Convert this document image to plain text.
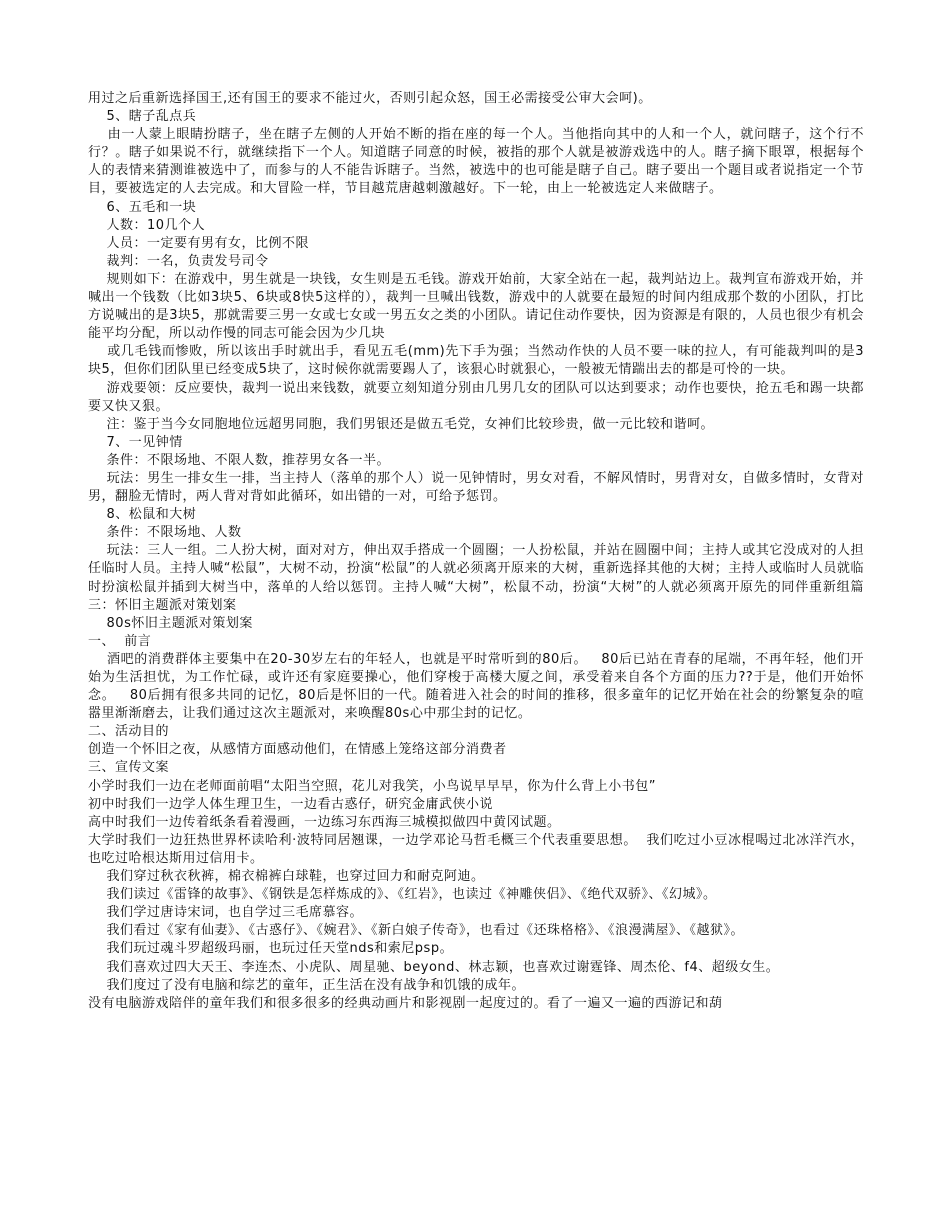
用过之后重新选择国王,还有国王的要求不能过火，否则引起众怒，国王必需接受公审大会呵)。

5、瞎子乱点兵

由一人蒙上眼睛扮瞎子，坐在瞎子左侧的人开始不断的指在座的每一个人。当他指向其中的人和一个人，就问瞎子，这个行不行？。瞎子如果说不行，就继续指下一个人。知道瞎子同意的时候，被指的那个人就是被游戏选中的人。瞎子摘下眼罩，根据每个人的表情来猜测谁被选中了，而参与的人不能告诉瞎子。当然，被选中的也可能是瞎子自己。瞎子要出一个题目或者说指定一个节目，要被选定的人去完成。和大冒险一样，节目越荒唐越刺激越好。下一轮，由上一轮被选定人来做瞎子。

6、五毛和一块

人数：10几个人

人员：一定要有男有女，比例不限

裁判：一名，负责发号司令

规则如下：在游戏中，男生就是一块钱，女生则是五毛钱。游戏开始前，大家全站在一起，裁判站边上。裁判宣布游戏开始，并喊出一个钱数（比如3块5、6块或8快5这样的），裁判一旦喊出钱数，游戏中的人就要在最短的时间内组成那个数的小团队，打比方说喊出的是3块5，那就需要三男一女或七女或一男五女之类的小团队。请记住动作要快，因为资源是有限的，人员也很少有机会能平均分配，所以动作慢的同志可能会因为少几块

或几毛钱而惨败，所以该出手时就出手，看见五毛(mm)先下手为强；当然动作快的人员不要一味的拉人，有可能裁判叫的是3块5，但你们团队里已经变成5块了，这时候你就需要踢人了，该狠心时就狠心，一般被无情踹出去的都是可怜的一块。

游戏要领：反应要快，裁判一说出来钱数，就要立刻知道分别由几男几女的团队可以达到要求；动作也要快，抢五毛和踢一块都要又快又狠。

注：鉴于当今女同胞地位远超男同胞，我们男银还是做五毛党，女神们比较珍贵，做一元比较和谐呵。

7、一见钟情

条件：不限场地、不限人数，推荐男女各一半。

玩法：男生一排女生一排，当主持人（落单的那个人）说一见钟情时，男女对看，不解风情时，男背对女，自做多情时，女背对男，翻脸无情时，两人背对背如此循环，如出错的一对，可给予惩罚。

8、松鼠和大树

条件：不限场地、人数

玩法：三人一组。二人扮大树，面对对方，伸出双手搭成一个圆圈；一人扮松鼠，并站在圆圈中间；主持人或其它没成对的人担任临时人员。主持人喊“松鼠”，大树不动，扮演“松鼠”的人就必须离开原来的大树，重新选择其他的大树；主持人或临时人员就临时扮演松鼠并插到大树当中，落单的人给以惩罚。主持人喊“大树”，松鼠不动，扮演“大树”的人就必须离开原先的同伴重新组篇三：怀旧主题派对策划案

80s怀旧主题派对策划案

一、  前言

酒吧的消费群体主要集中在20-30岁左右的年轻人，也就是平时常听到的80后。   80后已站在青春的尾端，不再年轻，他们开始为生活担忧，为工作忙碌，或许还有家庭要操心，他们穿梭于高楼大厦之间，承受着来自各个方面的压力??于是，他们开始怀念。   80后拥有很多共同的记忆，80后是怀旧的一代。随着进入社会的时间的推移，很多童年的记忆开始在社会的纷繁复杂的喧嚣里渐渐磨去，让我们通过这次主题派对，来唤醒80s心中那尘封的记忆。

二、活动目的

创造一个怀旧之夜，从感情方面感动他们，在情感上笼络这部分消费者

三、宣传文案

小学时我们一边在老师面前唱“太阳当空照，花儿对我笑，小鸟说早早早，你为什么背上小书包”

初中时我们一边学人体生理卫生，一边看古惑仔，研究金庸武侠小说

高中时我们一边传着纸条看着漫画，一边练习东西海三城模拟做四中黄冈试题。

大学时我们一边狂热世界杯读哈利·波特同居翘课，一边学邓论马哲毛概三个代表重要思想。  我们吃过小豆冰棍喝过北冰洋汽水，也吃过哈根达斯用过信用卡。

我们穿过秋衣秋裤，棉衣棉裤白球鞋，也穿过回力和耐克阿迪。

我们读过《雷锋的故事》、《钢铁是怎样炼成的》、《红岩》，也读过《神雕侠侣》、《绝代双骄》、《幻城》。

我们学过唐诗宋词，也自学过三毛席慕容。

我们看过《家有仙妻》、《古惑仔》、《婉君》、《新白娘子传奇》，也看过《还珠格格》、《浪漫满屋》、《越狱》。

我们玩过魂斗罗超级玛丽，也玩过任天堂nds和索尼psp。

我们喜欢过四大天王、李连杰、小虎队、周星驰、beyond、林志颖，也喜欢过谢霆锋、周杰伦、f4、超级女生。

我们度过了没有电脑和综艺的童年，正生活在没有战争和饥饿的成年。

没有电脑游戏陪伴的童年我们和很多很多的经典动画片和影视剧一起度过的。看了一遍又一遍的西游记和葫
